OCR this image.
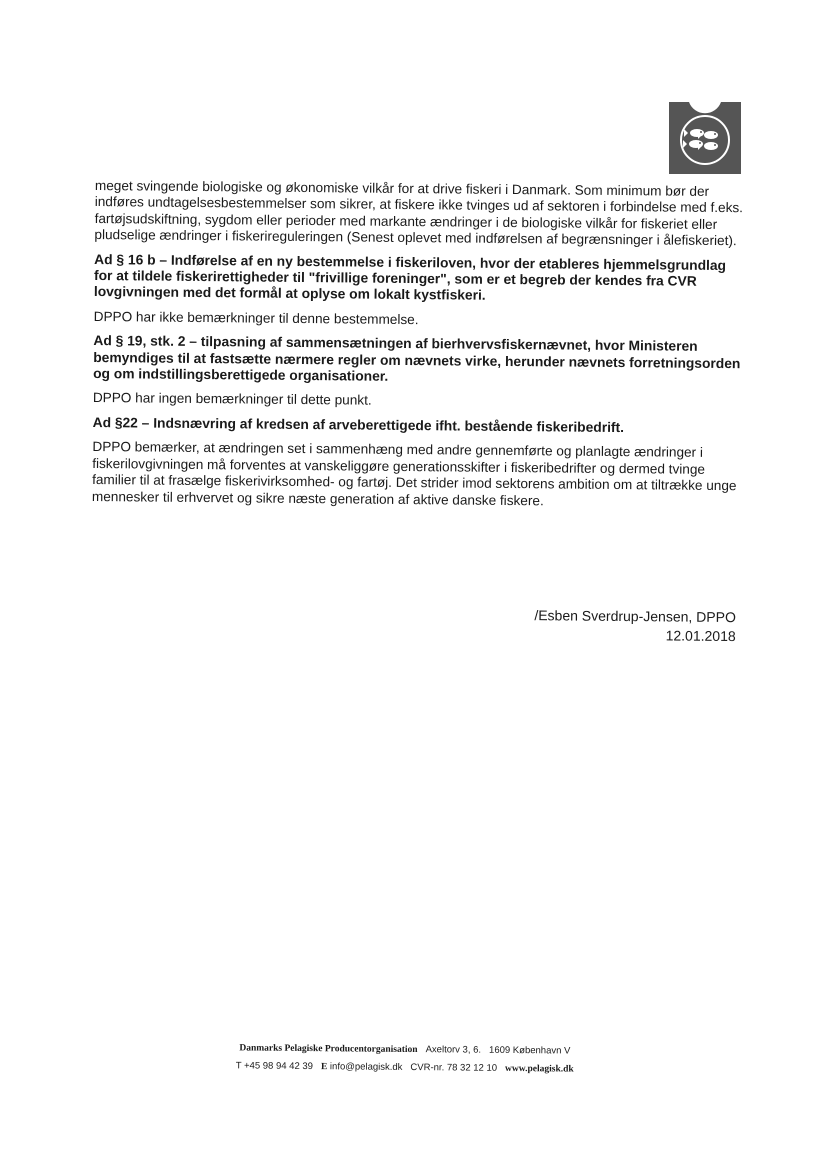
meget svingende biologiske og økonomiske vilkår for at drive fiskeri i Danmark. Som minimum bør der indføres undtagelsesbestemmelser som sikrer, at fiskere ikke tvinges ud af sektoren i forbindelse med f.eks. fartøjsudskiftning, sygdom eller perioder med markante ændringer i de biologiske vilkår for fiskeriet eller pludselige ændringer i fiskerireguleringen (Senest oplevet med indførelsen af begrænsninger i ålefiskeriet).

Ad § 16 b – Indførelse af en ny bestemmelse i fiskeriloven, hvor der etableres hjemmelsgrundlag for at tildele fiskerirettigheder til "frivillige foreninger", som er et begreb der kendes fra CVR lovgivningen med det formål at oplyse om lokalt kystfiskeri.

DPPO har ikke bemærkninger til denne bestemmelse.

Ad § 19, stk. 2 – tilpasning af sammensætningen af bierhvervsfiskernævnet, hvor Ministeren bemyndiges til at fastsætte nærmere regler om nævnets virke, herunder nævnets forretningsorden og om indstillingsberettigede organisationer.

DPPO har ingen bemærkninger til dette punkt.

Ad §22 – Indsnævring af kredsen af arveberettigede ifht. bestående fiskeribedrift.

DPPO bemærker, at ændringen set i sammenhæng med andre gennemførte og planlagte ændringer i fiskerilovgivningen må forventes at vanskeliggøre generationsskifter i fiskeribedrifter og dermed tvinge familier til at frasælge fiskerivirksomhed- og fartøj. Det strider imod sektorens ambition om at tiltrække unge mennesker til erhvervet og sikre næste generation af aktive danske fiskere.

/Esben Sverdrup-Jensen, DPPO
12.01.2018
Danmarks Pelagiske Producentorganisation Axeltorv 3, 6. 1609 København V
T +45 98 94 42 39 E info@pelagisk.dk CVR-nr. 78 32 12 10 www.pelagisk.dk
